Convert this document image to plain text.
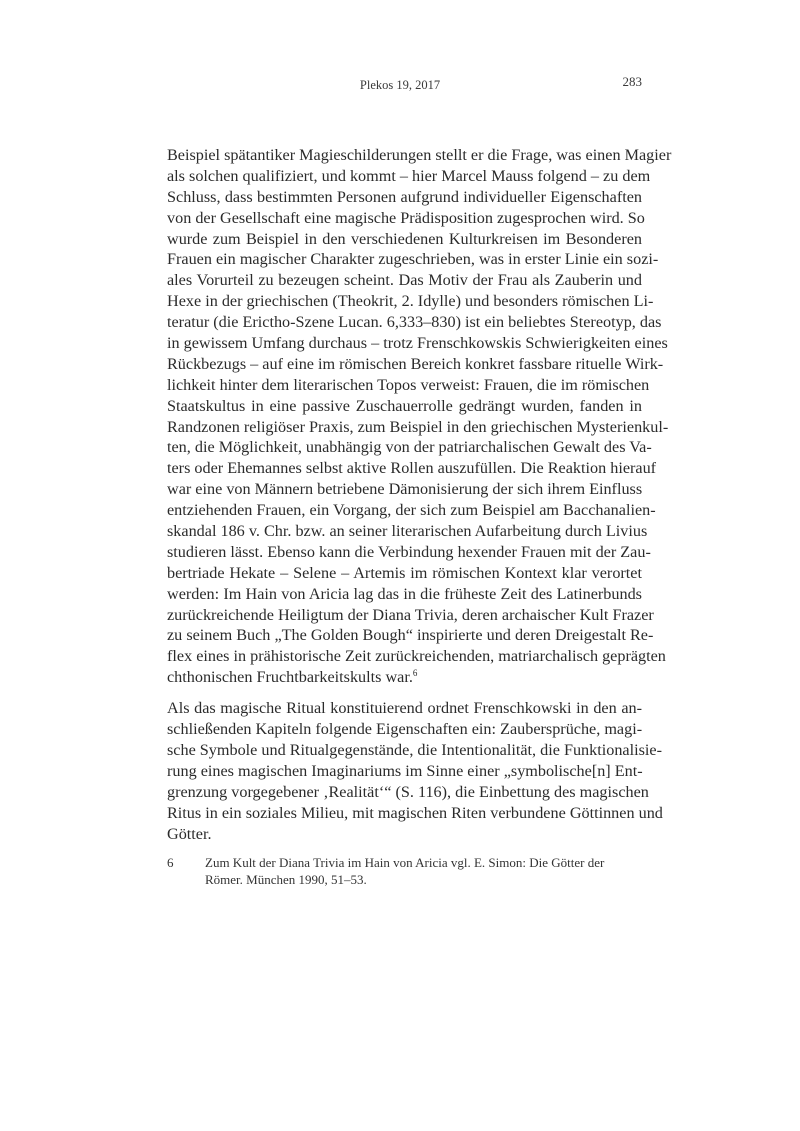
Plekos 19, 2017	283
Beispiel spätantiker Magieschilderungen stellt er die Frage, was einen Magier
als solchen qualifiziert, und kommt – hier Marcel Mauss folgend – zu dem
Schluss, dass bestimmten Personen aufgrund individueller Eigenschaften
von der Gesellschaft eine magische Prädisposition zugesprochen wird. So
wurde zum Beispiel in den verschiedenen Kulturkreisen im Besonderen
Frauen ein magischer Charakter zugeschrieben, was in erster Linie ein sozi-
ales Vorurteil zu bezeugen scheint. Das Motiv der Frau als Zauberin und
Hexe in der griechischen (Theokrit, 2. Idylle) und besonders römischen Li-
teratur (die Erictho-Szene Lucan. 6,333–830) ist ein beliebtes Stereotyp, das
in gewissem Umfang durchaus – trotz Frenschkowskis Schwierigkeiten eines
Rückbezugs – auf eine im römischen Bereich konkret fassbare rituelle Wirk-
lichkeit hinter dem literarischen Topos verweist: Frauen, die im römischen
Staatskultus in eine passive Zuschauerrolle gedrängt wurden, fanden in
Randzonen religiöser Praxis, zum Beispiel in den griechischen Mysterienkul-
ten, die Möglichkeit, unabhängig von der patriarchalischen Gewalt des Va-
ters oder Ehemannes selbst aktive Rollen auszufüllen. Die Reaktion hierauf
war eine von Männern betriebene Dämonisierung der sich ihrem Einfluss
entziehenden Frauen, ein Vorgang, der sich zum Beispiel am Bacchanalien-
skandal 186 v. Chr. bzw. an seiner literarischen Aufarbeitung durch Livius
studieren lässt. Ebenso kann die Verbindung hexender Frauen mit der Zau-
bertriade Hekate – Selene – Artemis im römischen Kontext klar verortet
werden: Im Hain von Aricia lag das in die früheste Zeit des Latinerbunds
zurückreichende Heiligtum der Diana Trivia, deren archaischer Kult Frazer
zu seinem Buch „The Golden Bough“ inspirierte und deren Dreigestalt Re-
flex eines in prähistorische Zeit zurückreichenden, matriarchalisch geprägten
chthonischen Fruchtbarkeitskults war.$^6$
Als das magische Ritual konstituierend ordnet Frenschkowski in den an-
schließenden Kapiteln folgende Eigenschaften ein: Zaubersprüche, magi-
sche Symbole und Ritualgegenstände, die Intentionalität, die Funktionalisie-
rung eines magischen Imaginariums im Sinne einer „symbolische[n] Ent-
grenzung vorgegebener ‚Realität‘“ (S. 116), die Einbettung des magischen
Ritus in ein soziales Milieu, mit magischen Riten verbundene Göttinnen und
Götter.
6	Zum Kult der Diana Trivia im Hain von Aricia vgl. E. Simon: Die Götter der Römer. München 1990, 51–53.
